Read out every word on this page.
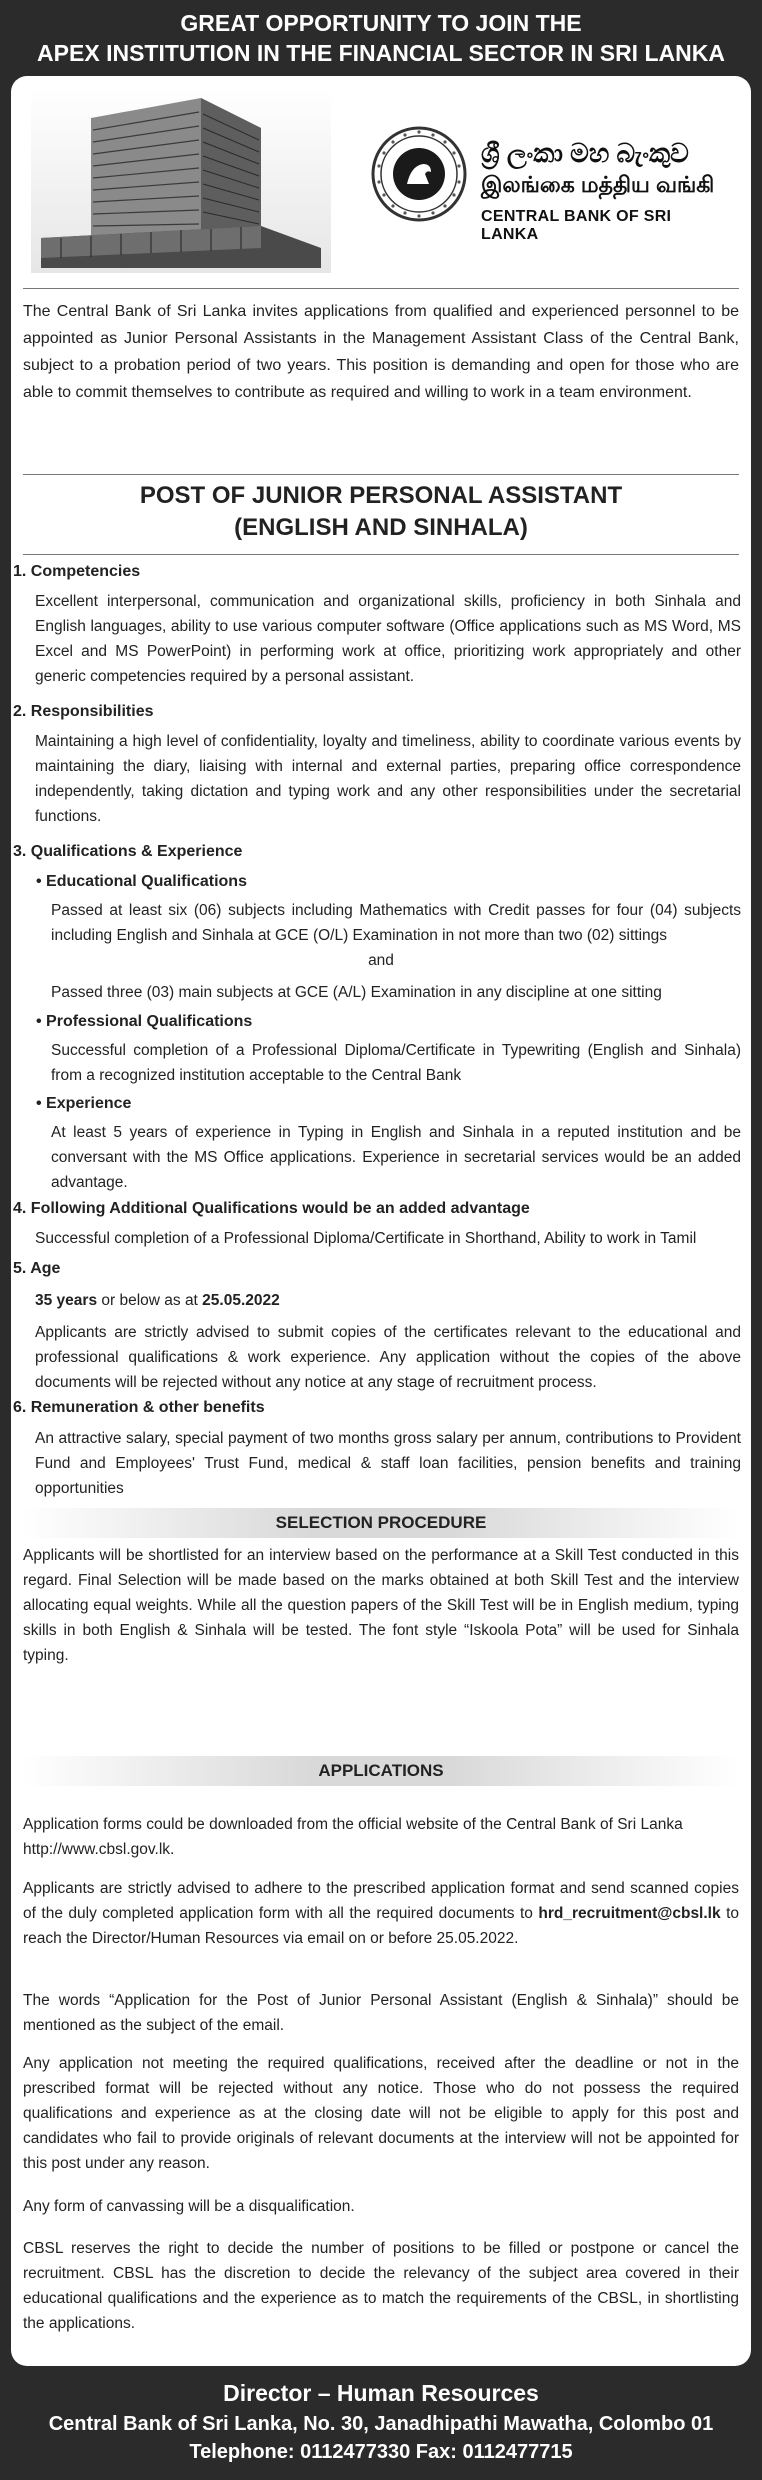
GREAT OPPORTUNITY TO JOIN THE
APEX INSTITUTION IN THE FINANCIAL SECTOR IN SRI LANKA
ශ්‍රී ලංකා මහ බැංකුව
இலங்கை மத்திய வங்கி
CENTRAL BANK OF SRI LANKA
The Central Bank of Sri Lanka invites applications from qualified and experienced personnel to be appointed as Junior Personal Assistants in the Management Assistant Class of the Central Bank, subject to a probation period of two years. This position is demanding and open for those who are able to commit themselves to contribute as required and willing to work in a team environment.
POST OF JUNIOR PERSONAL ASSISTANT
(ENGLISH AND SINHALA)
1. Competencies
Excellent interpersonal, communication and organizational skills, proficiency in both Sinhala and English languages, ability to use various computer software (Office applications such as MS Word, MS Excel and MS PowerPoint) in performing work at office, prioritizing work appropriately and other generic competencies required by a personal assistant.
2. Responsibilities
Maintaining a high level of confidentiality, loyalty and timeliness, ability to coordinate various events by maintaining the diary, liaising with internal and external parties, preparing office correspondence independently, taking dictation and typing work and any other responsibilities under the secretarial functions.
3. Qualifications & Experience
• Educational Qualifications
Passed at least six (06) subjects including Mathematics with Credit passes for four (04) subjects including English and Sinhala at GCE (O/L) Examination in not more than two (02) sittings
and
Passed three (03) main subjects at GCE (A/L) Examination in any discipline at one sitting
• Professional Qualifications
Successful completion of a Professional Diploma/Certificate in Typewriting (English and Sinhala) from a recognized institution acceptable to the Central Bank
• Experience
At least 5 years of experience in Typing in English and Sinhala in a reputed institution and be conversant with the MS Office applications. Experience in secretarial services would be an added advantage.
4. Following Additional Qualifications would be an added advantage
Successful completion of a Professional Diploma/Certificate in Shorthand, Ability to work in Tamil
5. Age
35 years or below as at 25.05.2022
Applicants are strictly advised to submit copies of the certificates relevant to the educational and professional qualifications & work experience. Any application without the copies of the above documents will be rejected without any notice at any stage of recruitment process.
6. Remuneration & other benefits
An attractive salary, special payment of two months gross salary per annum, contributions to Provident Fund and Employees' Trust Fund, medical & staff loan facilities, pension benefits and training opportunities
SELECTION PROCEDURE
Applicants will be shortlisted for an interview based on the performance at a Skill Test conducted in this regard. Final Selection will be made based on the marks obtained at both Skill Test and the interview allocating equal weights. While all the question papers of the Skill Test will be in English medium, typing skills in both English & Sinhala will be tested. The font style “Iskoola Pota” will be used for Sinhala typing.
APPLICATIONS
Application forms could be downloaded from the official website of the Central Bank of Sri Lanka http://www.cbsl.gov.lk.
Applicants are strictly advised to adhere to the prescribed application format and send scanned copies of the duly completed application form with all the required documents to hrd_recruitment@cbsl.lk to reach the Director/Human Resources via email on or before 25.05.2022.
The words “Application for the Post of Junior Personal Assistant (English & Sinhala)” should be mentioned as the subject of the email.
Any application not meeting the required qualifications, received after the deadline or not in the prescribed format will be rejected without any notice. Those who do not possess the required qualifications and experience as at the closing date will not be eligible to apply for this post and candidates who fail to provide originals of relevant documents at the interview will not be appointed for this post under any reason.
Any form of canvassing will be a disqualification.
CBSL reserves the right to decide the number of positions to be filled or postpone or cancel the recruitment. CBSL has the discretion to decide the relevancy of the subject area covered in their educational qualifications and the experience as to match the requirements of the CBSL, in shortlisting the applications.
Director – Human Resources
Central Bank of Sri Lanka, No. 30, Janadhipathi Mawatha, Colombo 01
Telephone: 0112477330 Fax: 0112477715
